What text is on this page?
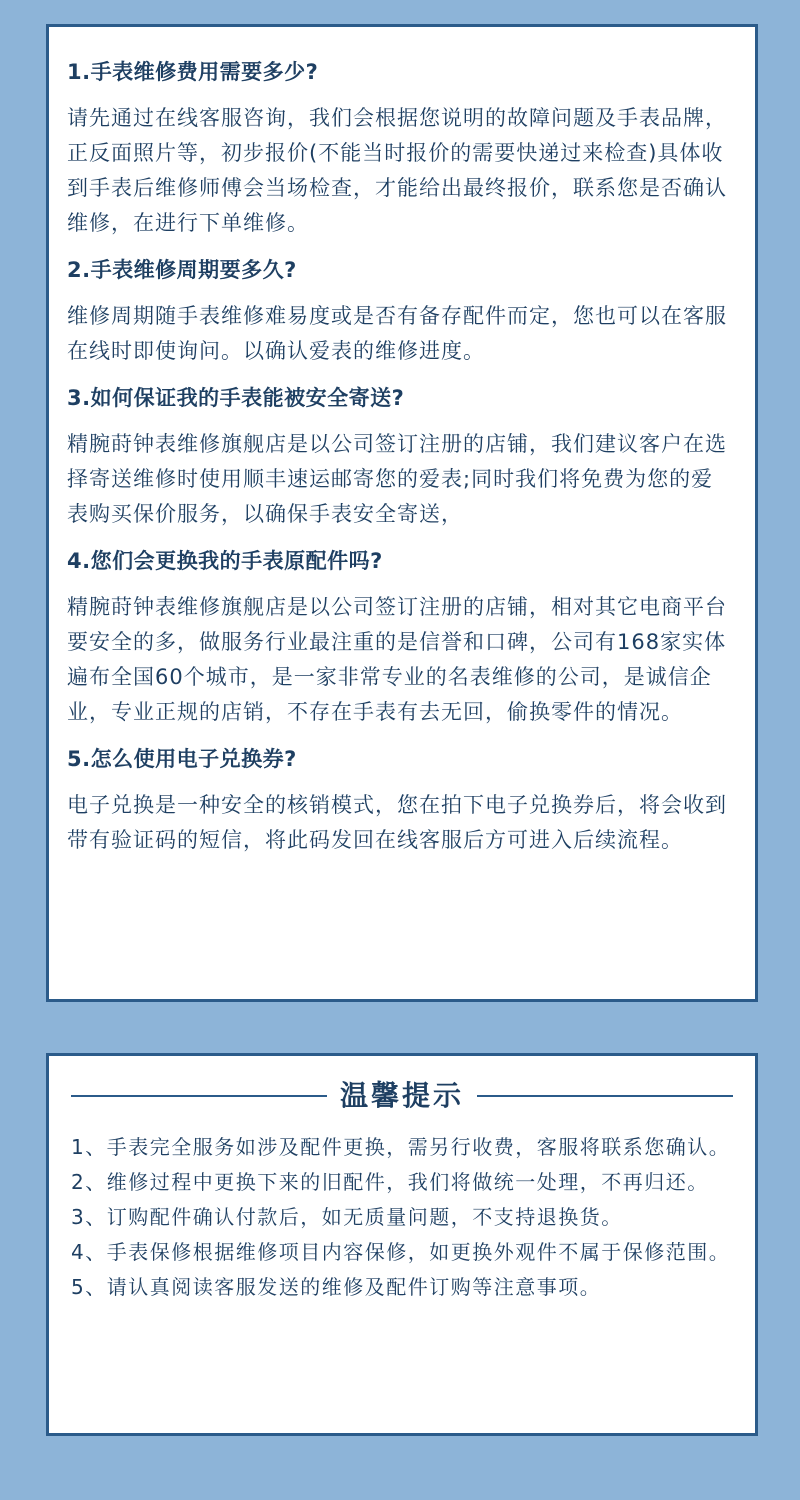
1.手表维修费用需要多少?

请先通过在线客服咨询，我们会根据您说明的故障问题及手表品牌，正反面照片等，初步报价(不能当时报价的需要快递过来检查)具体收到手表后维修师傅会当场检查，才能给出最终报价，联系您是否确认维修，在进行下单维修。

2.手表维修周期要多久?

维修周期随手表维修难易度或是否有备存配件而定，您也可以在客服在线时即使询问。以确认爱表的维修进度。

3.如何保证我的手表能被安全寄送?

精腕莳钟表维修旗舰店是以公司签订注册的店铺，我们建议客户在选择寄送维修时使用顺丰速运邮寄您的爱表;同时我们将免费为您的爱表购买保价服务，以确保手表安全寄送，

4.您们会更换我的手表原配件吗?

精腕莳钟表维修旗舰店是以公司签订注册的店铺，相对其它电商平台要安全的多，做服务行业最注重的是信誉和口碑，公司有168家实体遍布全国60个城市，是一家非常专业的名表维修的公司，是诚信企业，专业正规的店销，不存在手表有去无回，偷换零件的情况。

5.怎么使用电子兑换券?

电子兑换是一种安全的核销模式，您在拍下电子兑换券后，将会收到带有验证码的短信，将此码发回在线客服后方可进入后续流程。

温馨提示

1、手表完全服务如涉及配件更换，需另行收费，客服将联系您确认。

2、维修过程中更换下来的旧配件，我们将做统一处理，不再归还。

3、订购配件确认付款后，如无质量问题，不支持退换货。

4、手表保修根据维修项目内容保修，如更换外观件不属于保修范围。

5、请认真阅读客服发送的维修及配件订购等注意事项。
